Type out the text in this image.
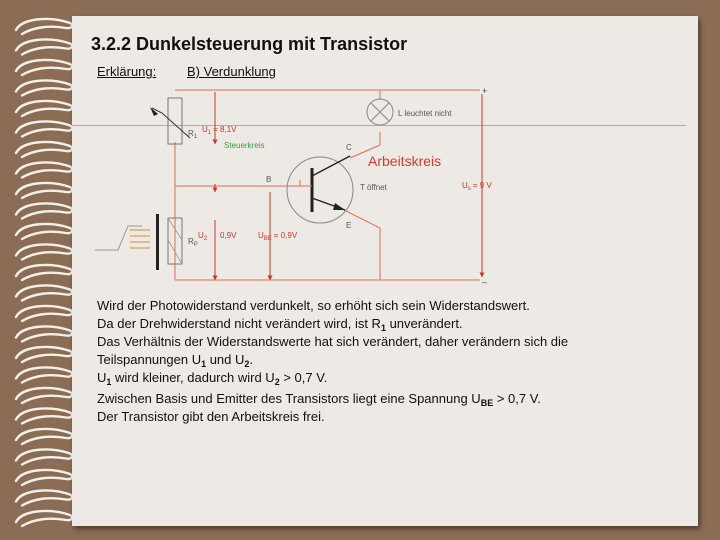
3.2.2 Dunkelsteuerung mit Transistor
Erklärung: B) Verdunklung
+
–
L leuchtet nicht
$R_1$
$U_1 = 8,1V$
Steuerkreis	C
B
E
Arbeitskreis
T öffnet	$U_s = 9$ V
$R_P$
$U_2$ 0,9V	$U_{BE} = 0,9V$
Wird der Photowiderstand verdunkelt, so erhöht sich sein Widerstandswert.
Da der Drehwiderstand nicht verändert wird, ist $R_1$ unverändert.
Das Verhältnis der Widerstandswerte hat sich verändert, daher verändern sich die
Teilspannungen $U_1$ und $U_2$.
$U_1$ wird kleiner, dadurch wird $U_2 > 0,7$ V.
Zwischen Basis und Emitter des Transistors liegt eine Spannung $U_{BE} > 0,7$ V.
Der Transistor gibt den Arbeitskreis frei.
